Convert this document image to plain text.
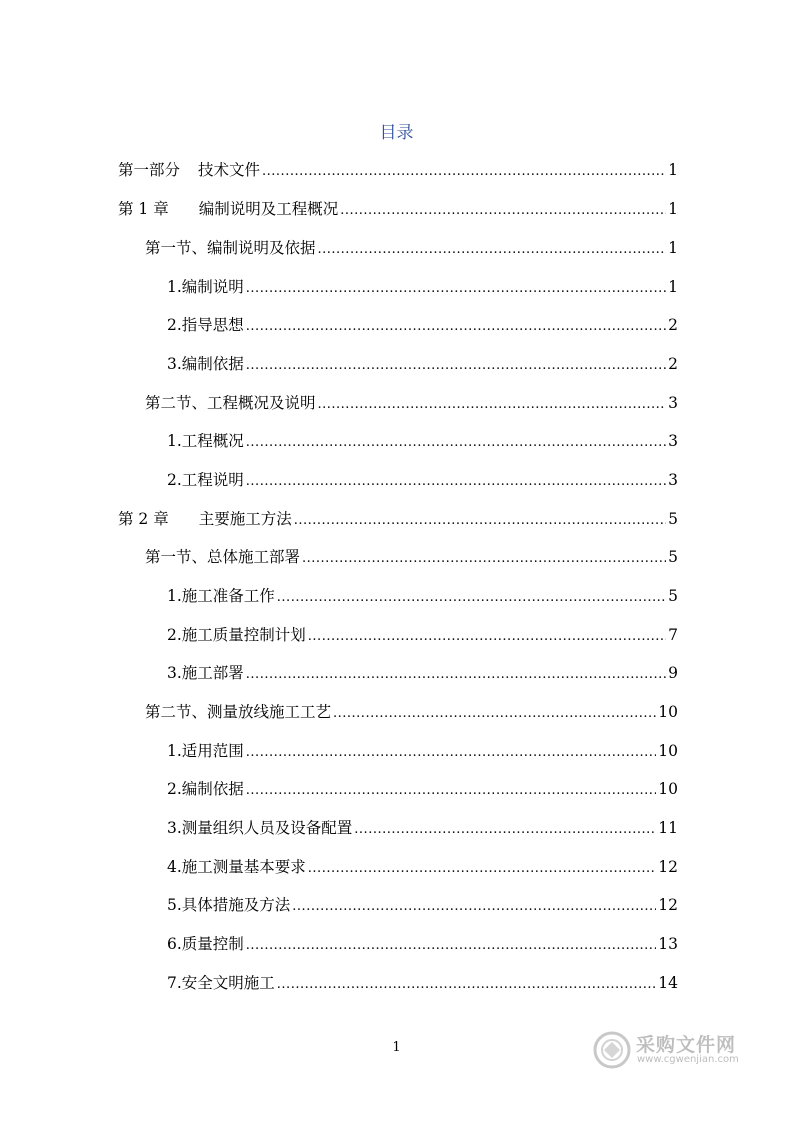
目录
第一部分 技术文件 .....	1
第 1 章 编制说明及工程概况 .....	1
第一节、编制说明及依据 .....	1
1.编制说明 .....	1
2.指导思想 .....	2
3.编制依据 .....	2
第二节、工程概况及说明 .....	3
1.工程概况 .....	3
2.工程说明 .....	3
第 2 章 主要施工方法 .....	5
第一节、总体施工部署 .....	5
1.施工准备工作 .....	5
2.施工质量控制计划 .....	7
3.施工部署 .....	9
第二节、测量放线施工工艺 .....	10
1.适用范围 .....	10
2.编制依据 .....	10
3.测量组织人员及设备配置 .....	11
4.施工测量基本要求 .....	12
5.具体措施及方法 .....	12
6.质量控制 .....	13
7.安全文明施工 .....	14
1	采购文件网
www.cgwenjian.com
